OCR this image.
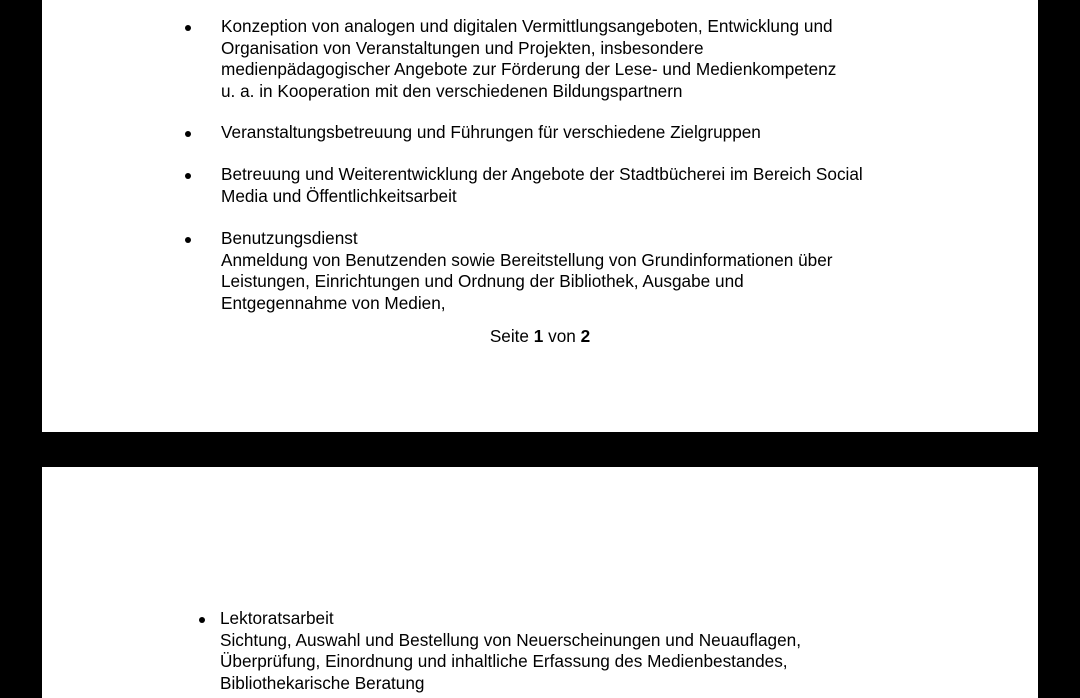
Konzeption von analogen und digitalen Vermittlungsangeboten, Entwicklung und
Organisation von Veranstaltungen und Projekten, insbesondere
medienpädagogischer Angebote zur Förderung der Lese- und Medienkompetenz
u. a. in Kooperation mit den verschiedenen Bildungspartnern

Veranstaltungsbetreuung und Führungen für verschiedene Zielgruppen

Betreuung und Weiterentwicklung der Angebote der Stadtbücherei im Bereich Social
Media und Öffentlichkeitsarbeit

Benutzungsdienst
Anmeldung von Benutzenden sowie Bereitstellung von Grundinformationen über
Leistungen, Einrichtungen und Ordnung der Bibliothek, Ausgabe und
Entgegennahme von Medien,

Seite 1 von 2

Lektoratsarbeit
Sichtung, Auswahl und Bestellung von Neuerscheinungen und Neuauflagen,
Überprüfung, Einordnung und inhaltliche Erfassung des Medienbestandes,
Bibliothekarische Beratung
